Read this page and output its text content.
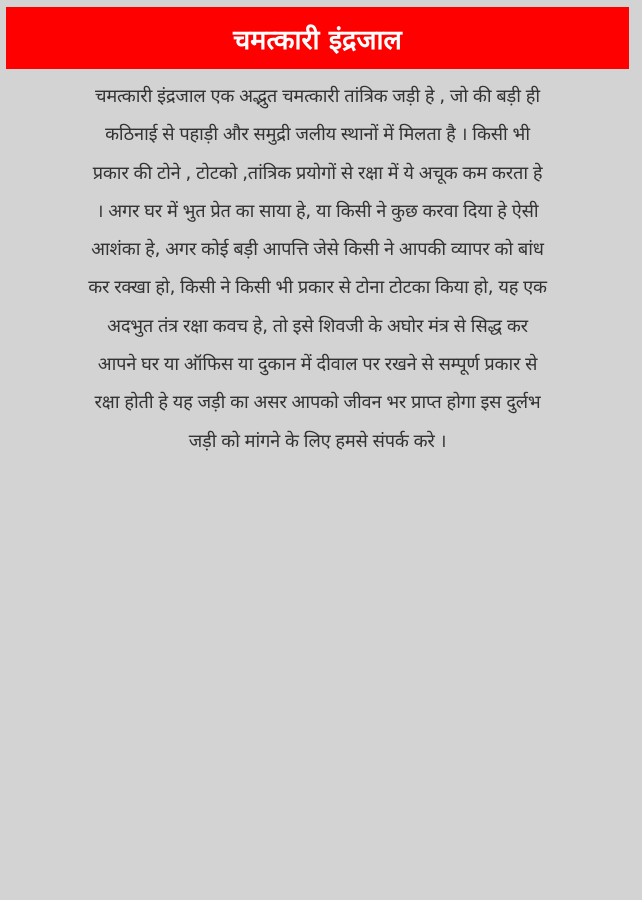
चमत्कारी इंद्रजाल
चमत्कारी इंद्रजाल एक अद्भुत चमत्कारी तांत्रिक जड़ी हे , जो की बड़ी ही
कठिनाई से पहाड़ी और समुद्री जलीय स्थानों में मिलता है । किसी भी
प्रकार की टोने , टोटको ,तांत्रिक प्रयोगों से रक्षा में ये अचूक कम करता हे
। अगर घर में भुत प्रेत का साया हे, या किसी ने कुछ करवा दिया हे ऐसी
आशंका हे, अगर कोई बड़ी आपत्ति जेसे किसी ने आपकी व्यापर को बांध
कर रक्खा हो, किसी ने किसी भी प्रकार से टोना टोटका किया हो, यह एक
अदभुत तंत्र रक्षा कवच हे, तो इसे शिवजी के अघोर मंत्र से सिद्ध कर
आपने घर या ऑफिस या दुकान में दीवाल पर रखने से सम्पूर्ण प्रकार से
रक्षा होती हे यह जड़ी का असर आपको जीवन भर प्राप्त होगा इस दुर्लभ
जड़ी को मांगने के लिए हमसे संपर्क करे ।
